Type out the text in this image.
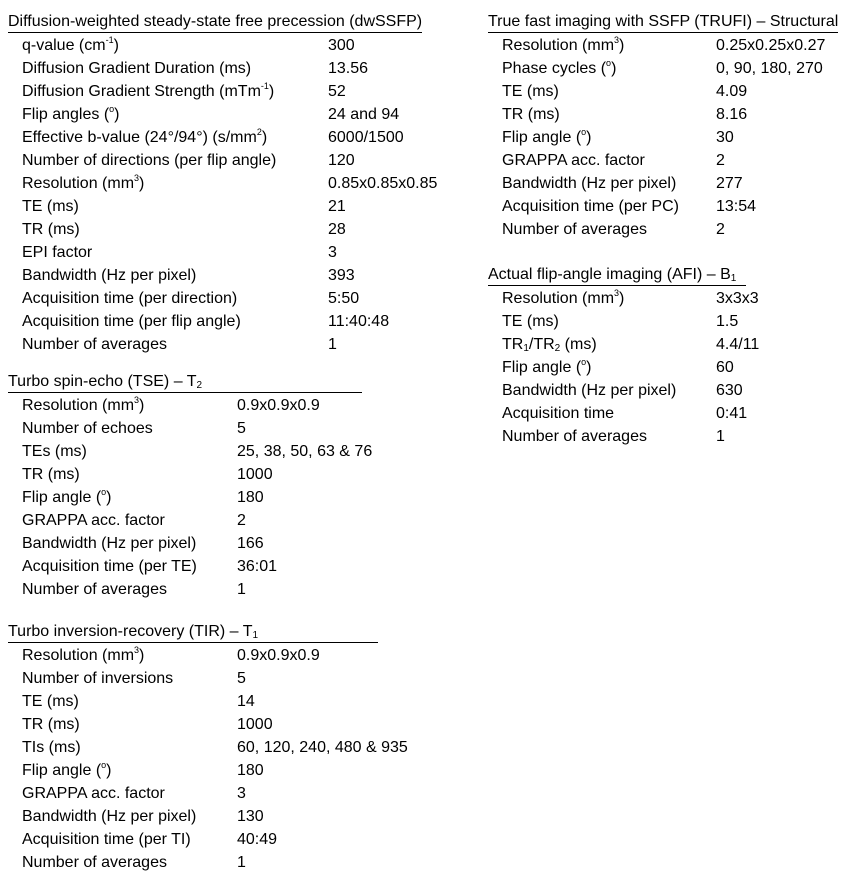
Diffusion-weighted steady-state free precession (dwSSFP)
q-value $(cm^{-1})$	300
Diffusion Gradient Duration (ms)	13.56
Diffusion Gradient Strength (mTm$^{-1}$)	52
Flip angles ($^o$)	24 and 94
Effective b-value (24°/94°) $(s/mm^2)$	6000/1500
Number of directions (per flip angle)	120
Resolution $(mm^3)$	0.85x0.85x0.85
TE (ms)	21
TR (ms)	28
EPI factor	3
Bandwidth (Hz per pixel)	393
Acquisition time (per direction)	5:50
Acquisition time (per flip angle)	11:40:48
Number of averages	1
Turbo spin-echo $(TSE) - T_2$
Resolution $(mm^3)$	0.9x0.9x0.9
Number of echoes	5
TEs (ms)	25, 38, 50, 63 & 76
TR (ms)	1000
Flip angle ($^o$)	180
GRAPPA acc. factor	2
Bandwidth (Hz per pixel)	166
Acquisition time (per TE)	36:01
Number of averages	1
Turbo inversion-recovery $(TIR) - T_1$
Resolution $(mm^3)$	0.9x0.9x0.9
Number of inversions	5
TE (ms)	14
TR (ms)	1000
TIs (ms)	60, 120, 240, 480 & 935
Flip angle ($^o$)	180
GRAPPA acc. factor	3
Bandwidth (Hz per pixel)	130
Acquisition time (per TI)	40:49
Number of averages	1
True fast imaging with SSFP (TRUFI) – Structural
Resolution $(mm^3)$	0.25x0.25x0.27
Phase cycles ($^o$)	0, 90, 180, 270
TE (ms)	4.09
TR (ms)	8.16
Flip angle ($^o$)	30
GRAPPA acc. factor	2
Bandwidth (Hz per pixel) 277
Acquisition time (per PC) 13:54
Number of averages	2
Actual flip-angle imaging $(AFI) - B_1$
Resolution $(mm^3)$	3x3x3
TE (ms)	1.5
$TR_1/TR_2$ (ms)	4.4/11
Flip angle ($^o$)	60
Bandwidth (Hz per pixel) 630
Acquisition time	0:41
Number of averages	1
